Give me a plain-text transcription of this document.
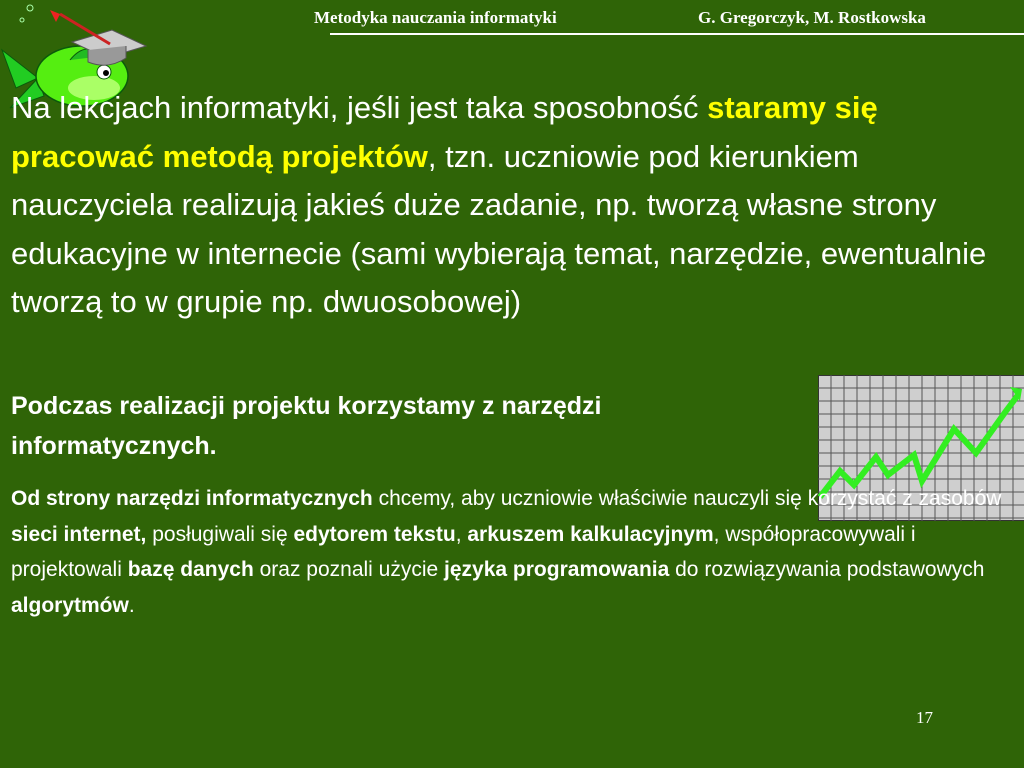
Metodyka nauczania informatyki	G. Gregorczyk, M. Rostkowska
Na lekcjach informatyki, jeśli jest taka sposobność staramy się pracować metodą projektów, tzn. uczniowie pod kierunkiem nauczyciela realizują jakieś duże zadanie, np. tworzą własne strony edukacyjne w internecie (sami wybierają temat, narzędzie, ewentualnie tworzą to w grupie np. dwuosobowej)
Podczas realizacji projektu korzystamy z narzędzi informatycznych.
Od strony narzędzi informatycznych chcemy, aby uczniowie właściwie nauczyli się korzystać z zasobów sieci internet, posługiwali się edytorem tekstu, arkuszem kalkulacyjnym, współopracowywali i projektowali bazę danych oraz poznali użycie języka programowania do rozwiązywania podstawowych algorytmów.
17
